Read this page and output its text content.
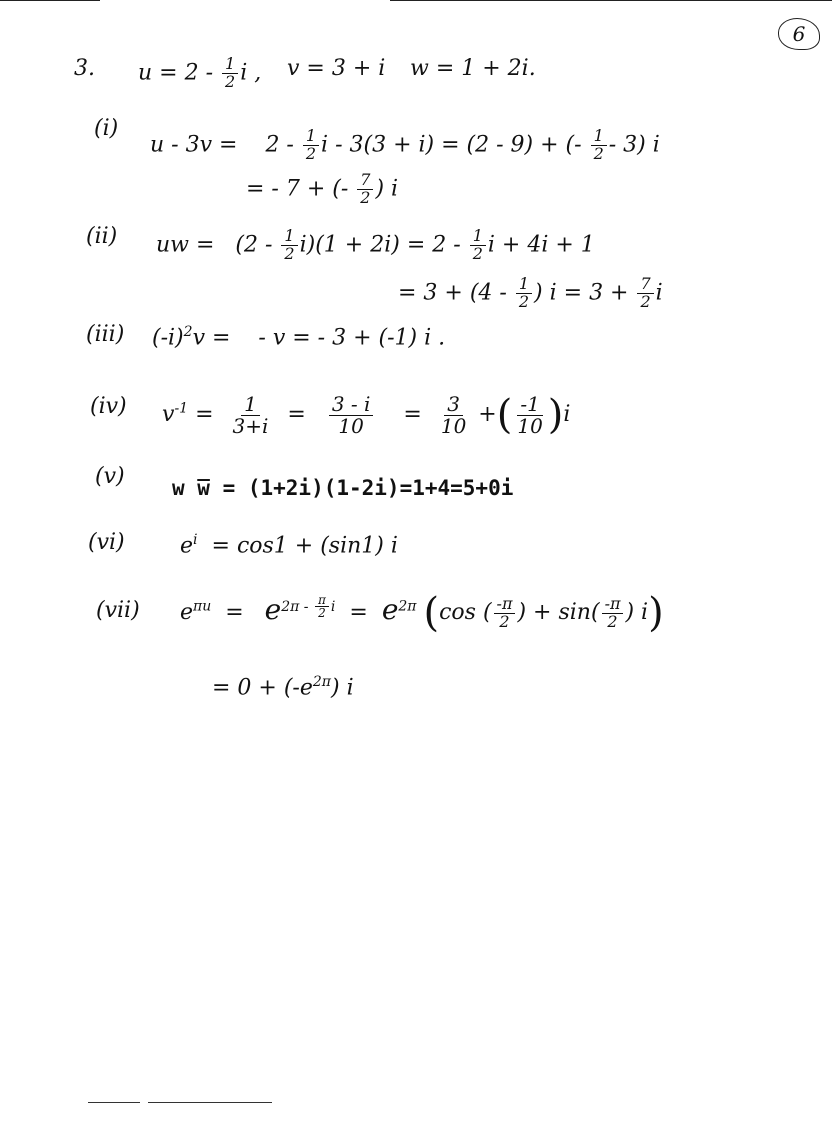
6
3. $u = 2 - \frac{1}{2}$ i , v = 3 + i w = 1 + 2i.
(i)
(ii)
(iii)
(iv)
(v)
(vi)
(vii)
$u - 3v = 2 - \frac{1}{2}$ i - 3(3 + i) = (2 - 9) + (- $\frac{1}{2} - 3$) i
= - 7 + (- $\frac{7}{2}$ ) i
uw = $(2 - \frac{1}{2} i)(1 + 2i) = 2 - \frac{1}{2}$ i + 4i + 1
= $3 + (4 - \frac{1}{2}$ ) $i = 3 + \frac{7}{2}$ i
$(-i)^2v$ = - v = - 3 + (-1) i .
$v^{-1} = \frac{1}{3+i} = \frac{3 - i}{10} = \frac{3}{10}$ +( $\frac{-1}{10} )i$
w w̅ = (1+2i)(1-2i)=1+4=5+0i
$e^i = \cos 1 + (\sin 1)$ i
$e^{\pi u} = e^{2\pi - \frac{\pi}{2} i} = e^{2\pi}$ (cos ( $\frac{-\pi}{2}$ ) + $\sin( \frac{-\pi}{2}$ ) i)
= $0 + (-e^{2\pi})$ i
